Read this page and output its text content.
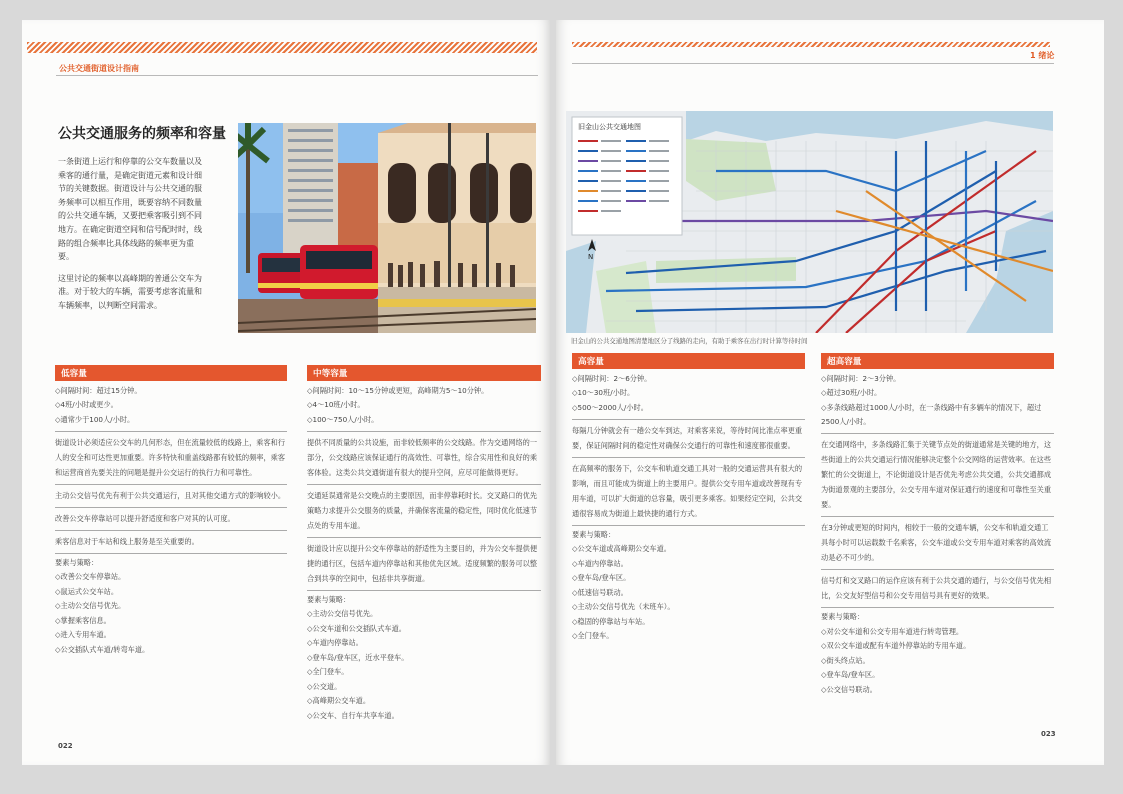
公共交通街道设计指南
公共交通服务的频率和容量

一条街道上运行和停靠的公交车数量以及乘客的通行量，是确定街道元素和设计细节的关键数据。街道设计与公共交通的服务频率可以相互作用，既要容纳不同数量的公共交通车辆，又要把乘客吸引到不同地方。在确定街道空间和信号配时时，线路的组合频率比具体线路的频率更为重要。

这里讨论的频率以高峰期的普通公交车为准。对于较大的车辆，需要考虑客流量和车辆频率，以判断空间需求。

低容量
◇间隔时间：超过15分钟。
◇4班/小时或更少。
◇通常少于100人/小时。
街道设计必须适应公交车的几何形态，但在流量较低的线路上，乘客和行人的安全和可达性更加重要。许多特快和重盖线路都有较低的频率，乘客和运营商首先要关注的问题是提升公交运行的执行力和可靠性。
主动公交信号优先有利于公共交通运行，且对其他交通方式的影响较小。
改善公交车停靠站可以提升舒适度和客户对其的认可度。
乘客信息对于车站和线上服务是至关重要的。
要素与策略：
◇改善公交车停靠站。
◇鼠运式公交车站。
◇主动公交信号优先。
◇掌握乘客信息。
◇进入专用车道。
◇公交插队式车道/转弯车道。
中等容量
◇间隔时间：10～15分钟或更短，高峰期为5～10分钟。
◇4～10班/小时。
◇100～750人/小时。
提供不同质量的公共设施，而非较低频率的公交线路。作为交通网络的一部分，公交线路应该保证通行的高效性、可靠性，综合实用性和良好的乘客体验。这类公共交通街道有很大的提升空间，应尽可能做得更好。
交通延误通常是公交晚点的主要原因，而非停靠耗时长。交叉路口的优先策略力求提升公交服务的质量，并确保客流量的稳定性，同时优化低速节点处的专用车道。
街道设计应以提升公交车停靠站的舒适性为主要目的，并为公交车提供便捷的通行区，包括车道内停靠站和其他优先区域。适度频繁的服务可以整合到共享的空间中，包括非共享街道。
要素与策略：
◇主动公交信号优先。
◇公交车道和公交插队式车道。
◇车道内停靠站。
◇登车岛/登车区，近水平登车。
◇全门登车。
◇公交道。
◇高峰期公交车道。
◇公交车、自行车共享车道。
022
1 绪论
旧金山公共交通地图
N
旧金山的公共交通地图清楚地区分了线路的走向，有助于乘客在出行时计算等待时间
高容量
◇间隔时间：2～6分钟。
◇10～30班/小时。
◇500～2000人/小时。
每隔几分钟就会有一趟公交车到达，对乘客来说，等待时间比准点率更重要，保证间隔时间的稳定性对确保公交通行的可靠性和速度都很重要。
在高频率的服务下，公交车和轨道交通工具对一般的交通运营具有很大的影响，而且可能成为街道上的主要用户。提供公交专用车道或改善现有专用车道，可以扩大街道的总容量，吸引更多乘客。如果经定空间，公共交通很容易成为街道上最快捷的通行方式。
要素与策略：
◇公交车道或高峰期公交车道。
◇车道内停靠站。
◇登车岛/登车区。
◇低速信号联动。
◇主动公交信号优先（未班车）。
◇稳固的停靠站与车站。
◇全门登车。
超高容量
◇间隔时间：2～3分钟。
◇超过30班/小时。
◇多条线路超过1000人/小时，在一条线路中有多辆车的情况下，超过2500人/小时。
在交通网络中，多条线路汇集于关键节点处的街道通常是关键的地方，这些街道上的公共交通运行情况能够决定整个公交网络的运营效率。在这些繁忙的公交街道上，不论街道设计是否优先考虑公共交通，公共交通都成为街道景观的主要部分，公交专用车道对保证通行的速度和可靠性至关重要。
在3分钟或更短的时间内，相较于一般的交通车辆，公交车和轨道交通工具每小时可以运载数千名乘客，公交车道或公交专用车道对乘客的高效流动是必不可少的。
信号灯和交叉路口的运作应该有利于公共交通的通行，与公交信号优先相比，公交友好型信号和公交专用信号具有更好的效果。
要素与策略：
◇对公交车道和公交专用车道进行转弯管理。
◇双公交车道或配有车道外停靠站的专用车道。
◇街头终点站。
◇登车岛/登车区。
◇公交信号联动。
023
